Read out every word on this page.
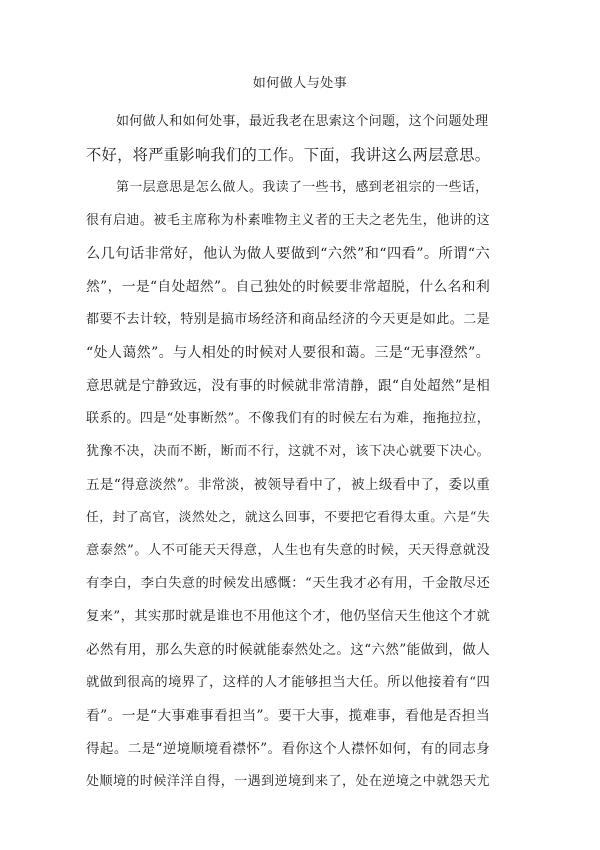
如何做人与处事
如何做人和如何处事，最近我老在思索这个问题，这个问题处理
不好，将严重影响我们的工作。下面，我讲这么两层意思。
第一层意思是怎么做人。我读了一些书，感到老祖宗的一些话，
很有启迪。被毛主席称为朴素唯物主义者的王夫之老先生，他讲的这
么几句话非常好，他认为做人要做到“六然”和“四看”。所谓“六
然”，一是“自处超然”。自己独处的时候要非常超脱，什么名和利
都要不去计较，特别是搞市场经济和商品经济的今天更是如此。二是
“处人蔼然”。与人相处的时候对人要很和蔼。三是“无事澄然”。
意思就是宁静致远，没有事的时候就非常清静，跟“自处超然”是相
联系的。四是“处事断然”。不像我们有的时候左右为难，拖拖拉拉，
犹豫不决，决而不断，断而不行，这就不对，该下决心就要下决心。
五是“得意淡然”。非常淡，被领导看中了，被上级看中了，委以重
任，封了高官，淡然处之，就这么回事，不要把它看得太重。六是“失
意泰然”。人不可能天天得意，人生也有失意的时候，天天得意就没
有李白，李白失意的时候发出感慨：“天生我才必有用，千金散尽还
复来”，其实那时就是谁也不用他这个才，他仍坚信天生他这个才就
必然有用，那么失意的时候就能泰然处之。这“六然”能做到，做人
就做到很高的境界了，这样的人才能够担当大任。所以他接着有“四
看”。一是“大事难事看担当”。要干大事，揽难事，看他是否担当
得起。二是“逆境顺境看襟怀”。看你这个人襟怀如何，有的同志身
处顺境的时候洋洋自得，一遇到逆境到来了，处在逆境之中就怨天尤
